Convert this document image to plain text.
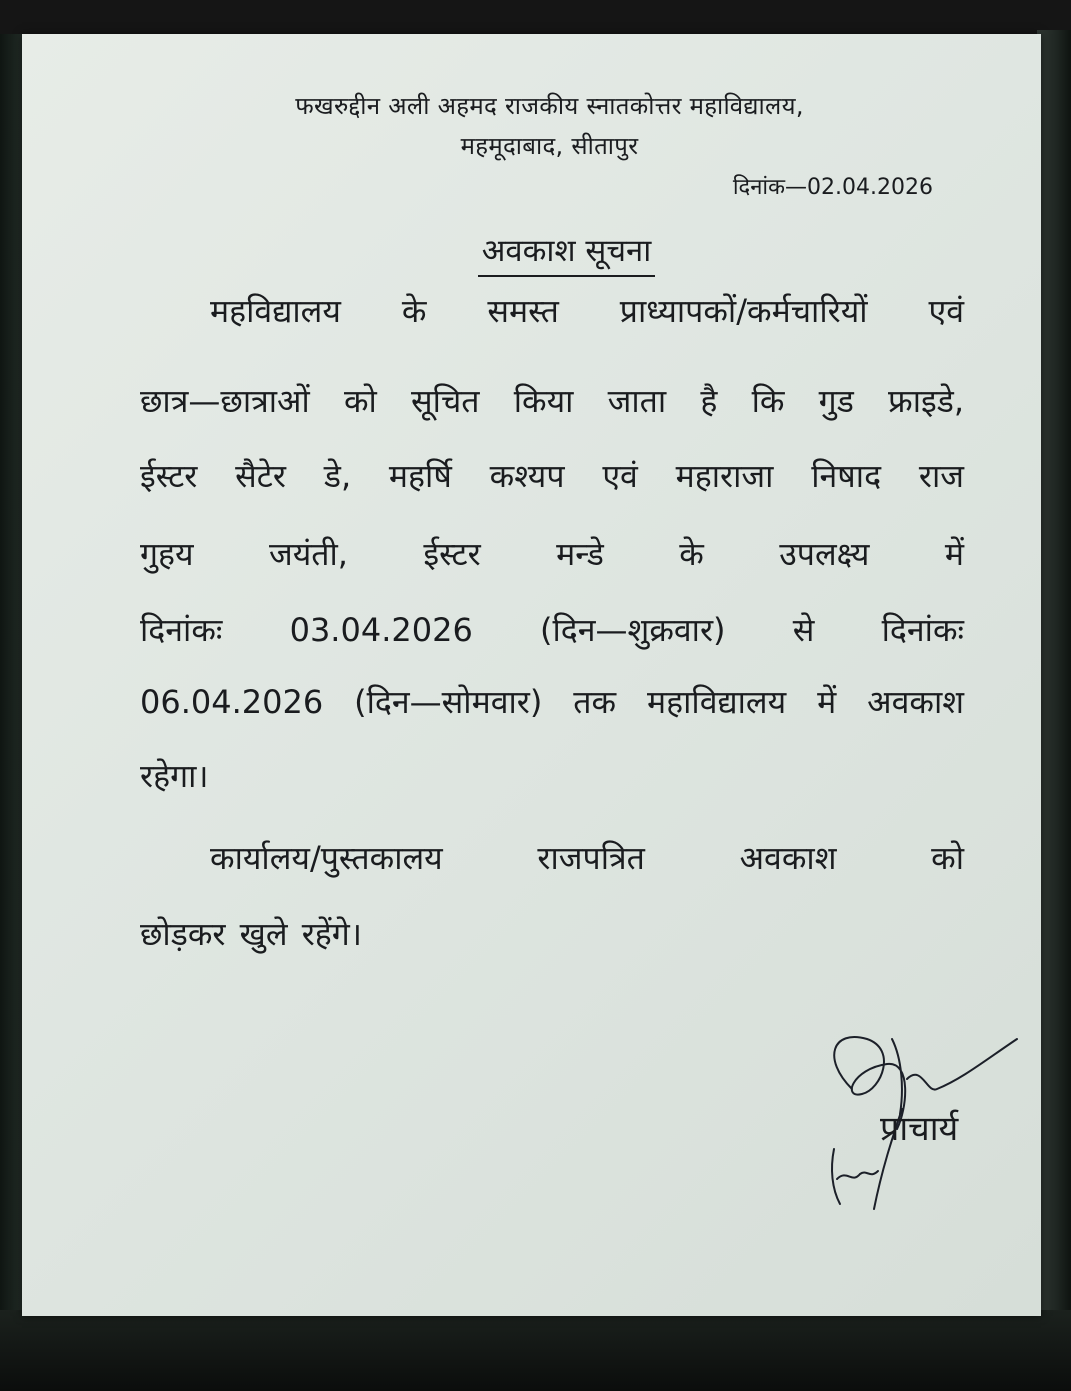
फखरुद्दीन अली अहमद राजकीय स्नातकोत्तर महाविद्यालय,
महमूदाबाद, सीतापुर
दिनांक—02.04.2026
अवकाश सूचना
महविद्यालय के समस्त प्राध्यापकों/कर्मचारियों एवं
छात्र—छात्राओं को सूचित किया जाता है कि गुड फ्राइडे,
ईस्टर सैटेर डे, महर्षि कश्यप एवं महाराजा निषाद राज
गुहय जयंती, ईस्टर मन्डे के उपलक्ष्य में
दिनांकः 03.04.2026 (दिन—शुक्रवार) से दिनांकः
06.04.2026 (दिन—सोमवार) तक महाविद्यालय में अवकाश
रहेगा।
कार्यालय/पुस्तकालय राजपत्रित अवकाश को
छोड़कर खुले रहेंगे।
प्राचार्य
